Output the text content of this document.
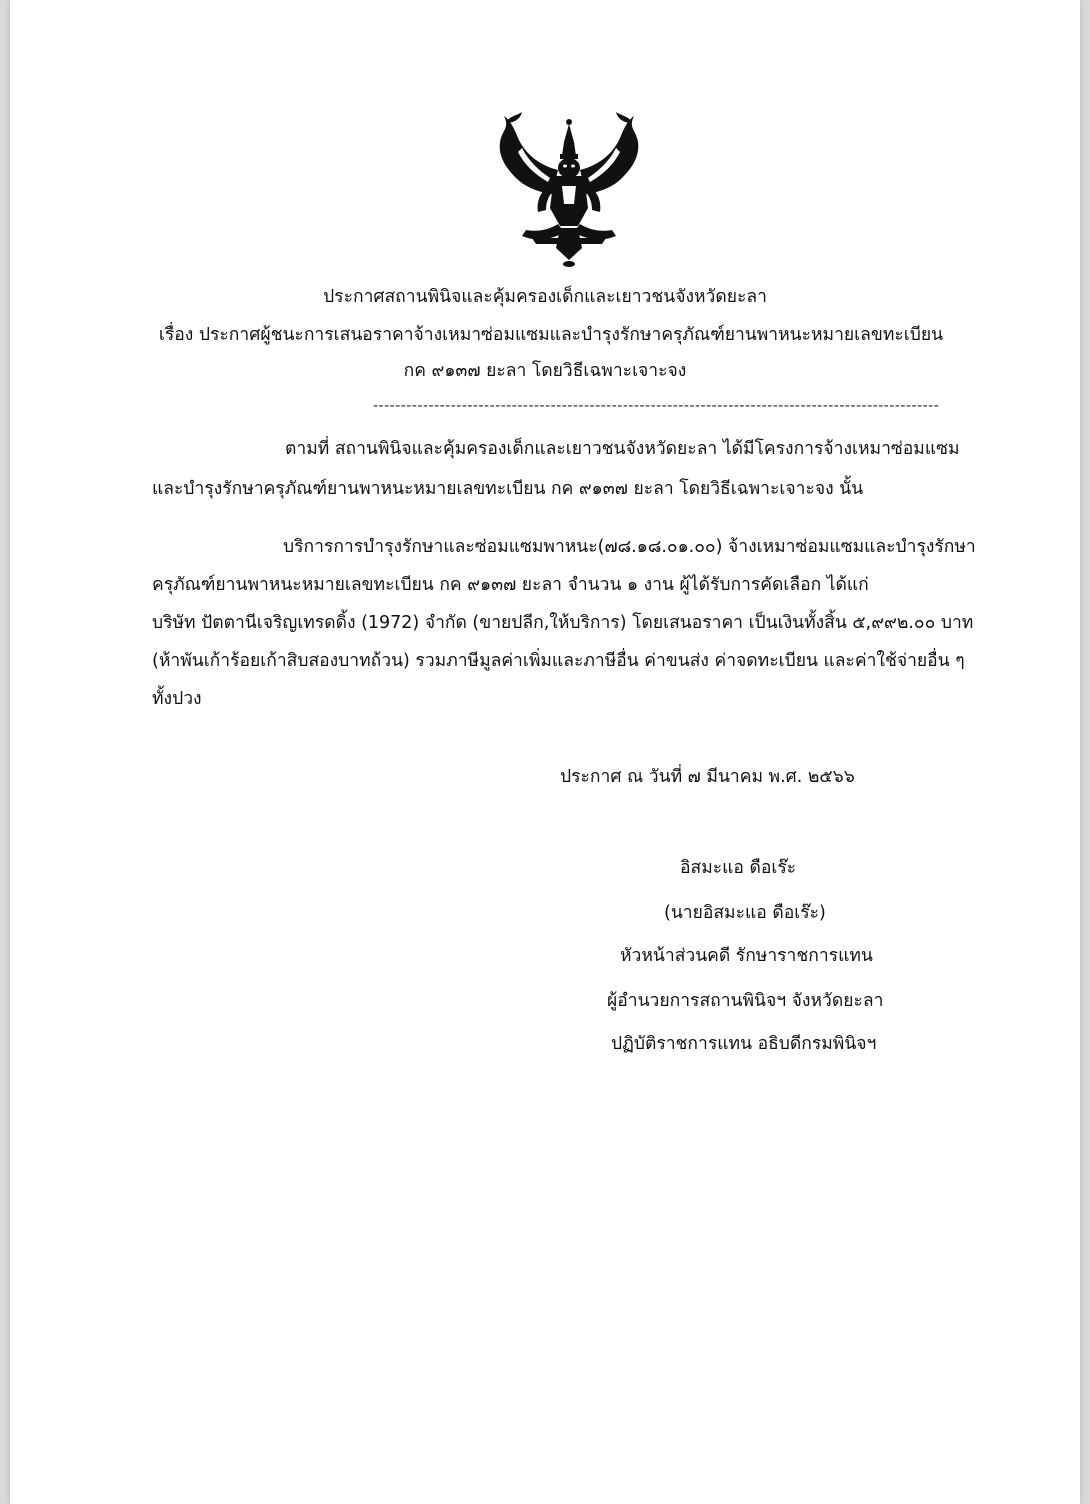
ประกาศสถานพินิจและคุ้มครองเด็กและเยาวชนจังหวัดยะลา
เรื่อง ประกาศผู้ชนะการเสนอราคาจ้างเหมาซ่อมแซมและบำรุงรักษาครุภัณฑ์ยานพาหนะหมายเลขทะเบียน
กค ๙๑๓๗ ยะลา โดยวิธีเฉพาะเจาะจง
------------------------------------------------------------------------------------------------------
ตามที่ สถานพินิจและคุ้มครองเด็กและเยาวชนจังหวัดยะลา ได้มีโครงการจ้างเหมาซ่อมแซม
และบำรุงรักษาครุภัณฑ์ยานพาหนะหมายเลขทะเบียน กค ๙๑๓๗ ยะลา โดยวิธีเฉพาะเจาะจง นั้น
บริการการบำรุงรักษาและซ่อมแซมพาหนะ(๗๘.๑๘.๐๑.๐๐) จ้างเหมาซ่อมแซมและบำรุงรักษา
ครุภัณฑ์ยานพาหนะหมายเลขทะเบียน กค ๙๑๓๗ ยะลา จำนวน ๑ งาน ผู้ได้รับการคัดเลือก ได้แก่
บริษัท ปัตตานีเจริญเทรดดิ้ง (1972) จำกัด (ขายปลีก,ให้บริการ) โดยเสนอราคา เป็นเงินทั้งสิ้น ๕,๙๙๒.๐๐ บาท
(ห้าพันเก้าร้อยเก้าสิบสองบาทถ้วน) รวมภาษีมูลค่าเพิ่มและภาษีอื่น ค่าขนส่ง ค่าจดทะเบียน และค่าใช้จ่ายอื่น ๆ
ทั้งปวง
ประกาศ ณ วันที่ ๗ มีนาคม พ.ศ. ๒๕๖๖
อิสมะแอ ดือเร๊ะ
(นายอิสมะแอ ดือเร๊ะ)
หัวหน้าส่วนคดี รักษาราชการแทน
ผู้อำนวยการสถานพินิจฯ จังหวัดยะลา
ปฏิบัติราชการแทน อธิบดีกรมพินิจฯ
